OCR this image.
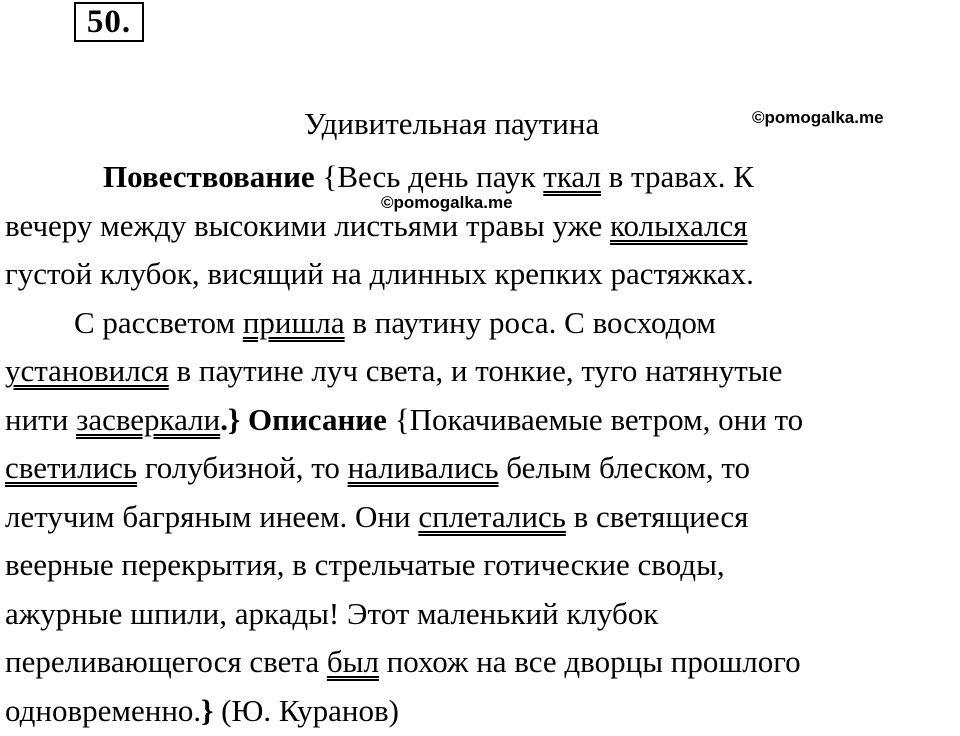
50.
Удивительная паутина	©pomogalka.me
Повествование {Весь день паук ткал в травах. К
вечеру между высокими листьями травы уже колыхался
густой клубок, висящий на длинных крепких растяжках.
С рассветом пришла в паутину роса. С восходом
установился в паутине луч света, и тонкие, туго натянутые
нити засверкали.} Описание {Покачиваемые ветром, они то
светились голубизной, то наливались белым блеском, то
летучим багряным инеем. Они сплетались в светящиеся
веерные перекрытия, в стрельчатые готические своды,
ажурные шпили, аркады! Этот маленький клубок
переливающегося света был похож на все дворцы прошлого
одновременно.} (Ю. Куранов)
©pomogalka.me
